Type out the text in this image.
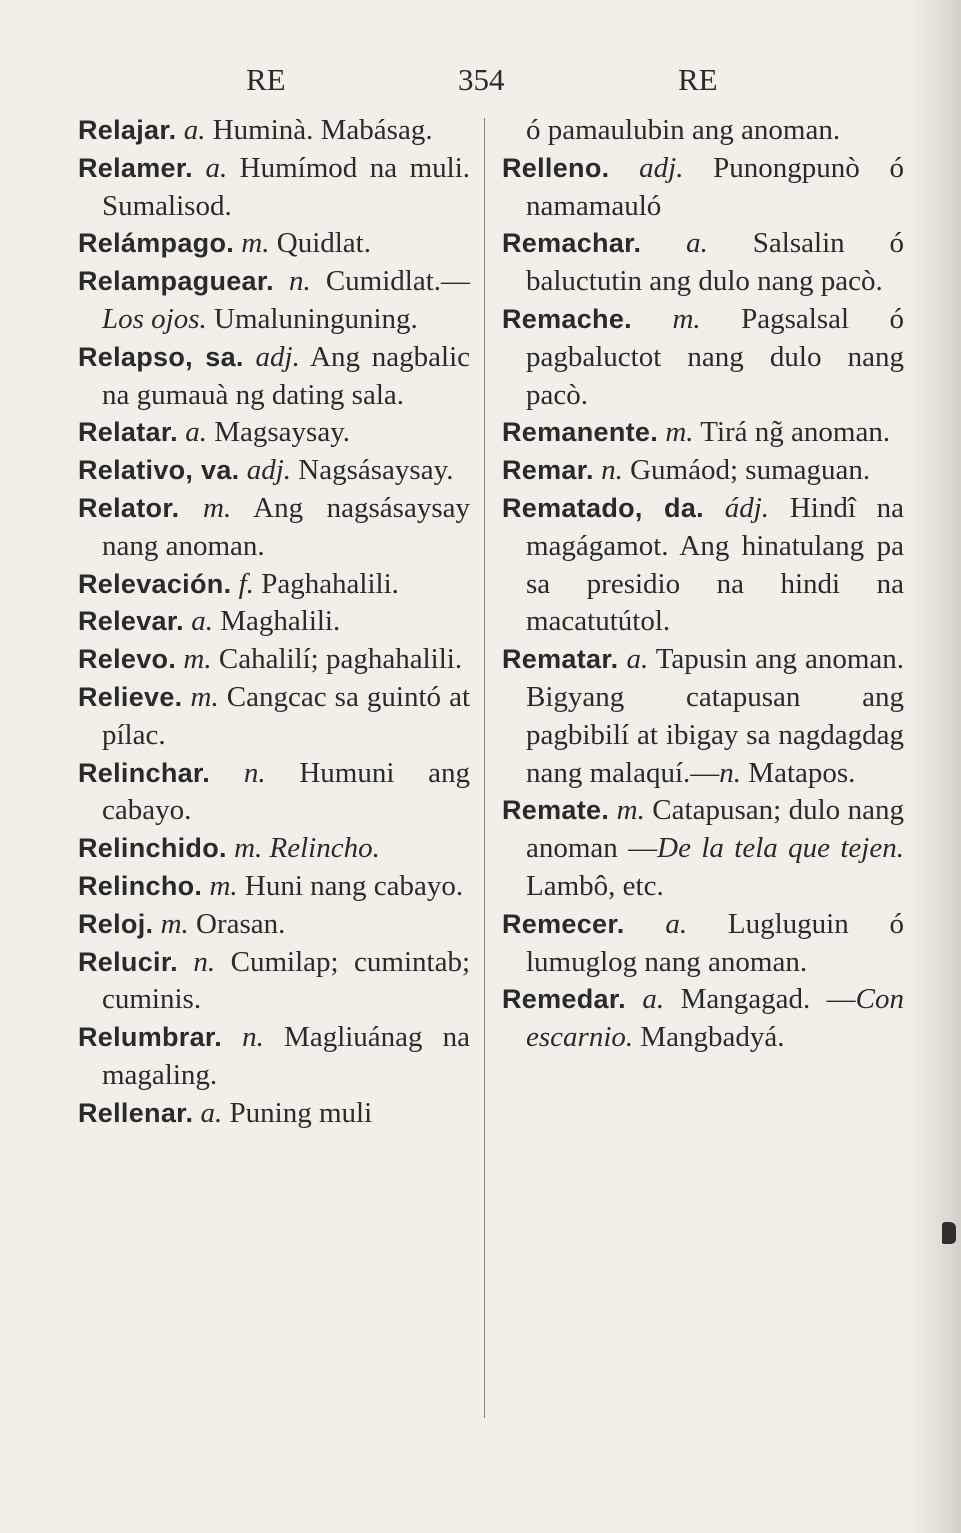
RE	354	RE

Relajar. a. Huminà. Mabásag.

Relamer. a. Humímod na muli. Sumalisod.

Relámpago. m. Quidlat.

Relampaguear. n. Cumidlat.—Los ojos. Umaluninguning.

Relapso, sa. adj. Ang nagbalic na gumauà ng dating sala.

Relatar. a. Magsaysay.

Relativo, va. adj. Nagsásaysay.

Relator. m. Ang nagsásaysay nang anoman.

Relevación. f. Paghahalili.

Relevar. a. Maghalili.

Relevo. m. Cahalilí; paghahalili.

Relieve. m. Cangcac sa guintó at pílac.

Relinchar. n. Humuni ang cabayo.

Relinchido. m. Relincho.

Relincho. m. Huni nang cabayo.

Reloj. m. Orasan.

Relucir. n. Cumilap; cumintab; cuminis.

Relumbrar. n. Magliuánag na magaling.

Rellenar. a. Puning muli

ó pamaulubin ang anoman.

Relleno. adj. Punongpunò ó namamauló

Remachar. a. Salsalin ó baluctutin ang dulo nang pacò.

Remache. m. Pagsalsal ó pagbaluctot nang dulo nang pacò.

Remanente. m. Tirá ng̃ anoman.

Remar. n. Gumáod; sumaguan.

Rematado, da. ádj. Hindî na magágamot. Ang hinatulang pa sa presidio na hindi na macatutútol.

Rematar. a. Tapusin ang anoman. Bigyang catapusan ang pagbibilí at ibigay sa nagdagdag nang malaquí.—n. Matapos.

Remate. m. Catapusan; dulo nang anoman —De la tela que tejen. Lambô, etc.

Remecer. a. Lugluguin ó lumuglog nang anoman.

Remedar. a. Mangagad. —Con escarnio. Mangbadyá.
